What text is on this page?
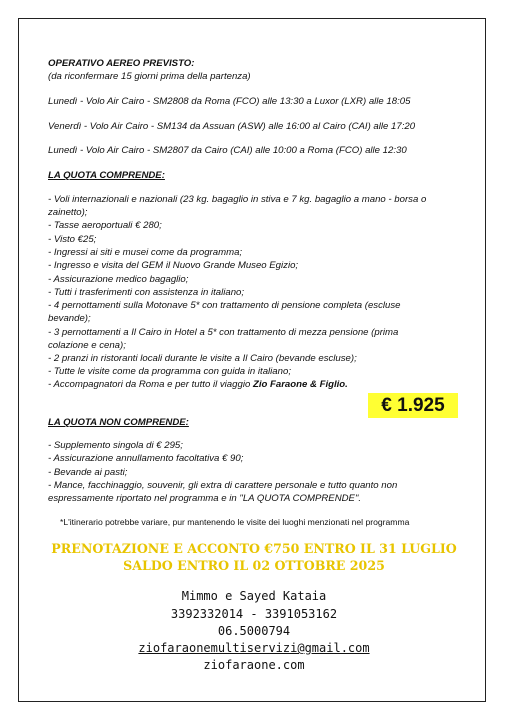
OPERATIVO AEREO PREVISTO:
(da riconfermare 15 giorni prima della partenza)
Lunedì - Volo Air Cairo - SM2808 da Roma (FCO) alle 13:30 a Luxor (LXR) alle 18:05
Venerdì - Volo Air Cairo - SM134 da Assuan (ASW) alle 16:00 al Cairo (CAI) alle 17:20
Lunedì - Volo Air Cairo - SM2807 da Cairo (CAI) alle 10:00 a Roma (FCO) alle 12:30
LA QUOTA COMPRENDE:
- Voli internazionali e nazionali (23 kg. bagaglio in stiva e 7 kg. bagaglio a mano - borsa o
zainetto);
- Tasse aeroportuali € 280;
- Visto €25;
- Ingressi ai siti e musei come da programma;
- Ingresso e visita del GEM il Nuovo Grande Museo Egizio;
- Assicurazione medico bagaglio;
- Tutti i trasferimenti con assistenza in italiano;
- 4 pernottamenti sulla Motonave 5* con trattamento di pensione completa (escluse
bevande);
- 3 pernottamenti a Il Cairo in Hotel a 5* con trattamento di mezza pensione (prima
colazione e cena);
- 2 pranzi in ristoranti locali durante le visite a Il Cairo (bevande escluse);
- Tutte le visite come da programma con guida in italiano;
- Accompagnatori da Roma e per tutto il viaggio Zio Faraone & Figlio.
€ 1.925
LA QUOTA NON COMPRENDE:
- Supplemento singola di € 295;
- Assicurazione annullamento facoltativa € 90;
- Bevande ai pasti;
- Mance, facchinaggio, souvenir, gli extra di carattere personale e tutto quanto non
espressamente riportato nel programma e in "LA QUOTA COMPRENDE".
*L'itinerario potrebbe variare, pur mantenendo le visite dei luoghi menzionati nel programma
PRENOTAZIONE E ACCONTO €750 ENTRO IL 31 LUGLIO
SALDO ENTRO IL 02 OTTOBRE 2025
Mimmo e Sayed Kataia
3392332014 - 3391053162
06.5000794
ziofaraonemultiservizi@gmail.com
ziofaraone.com
